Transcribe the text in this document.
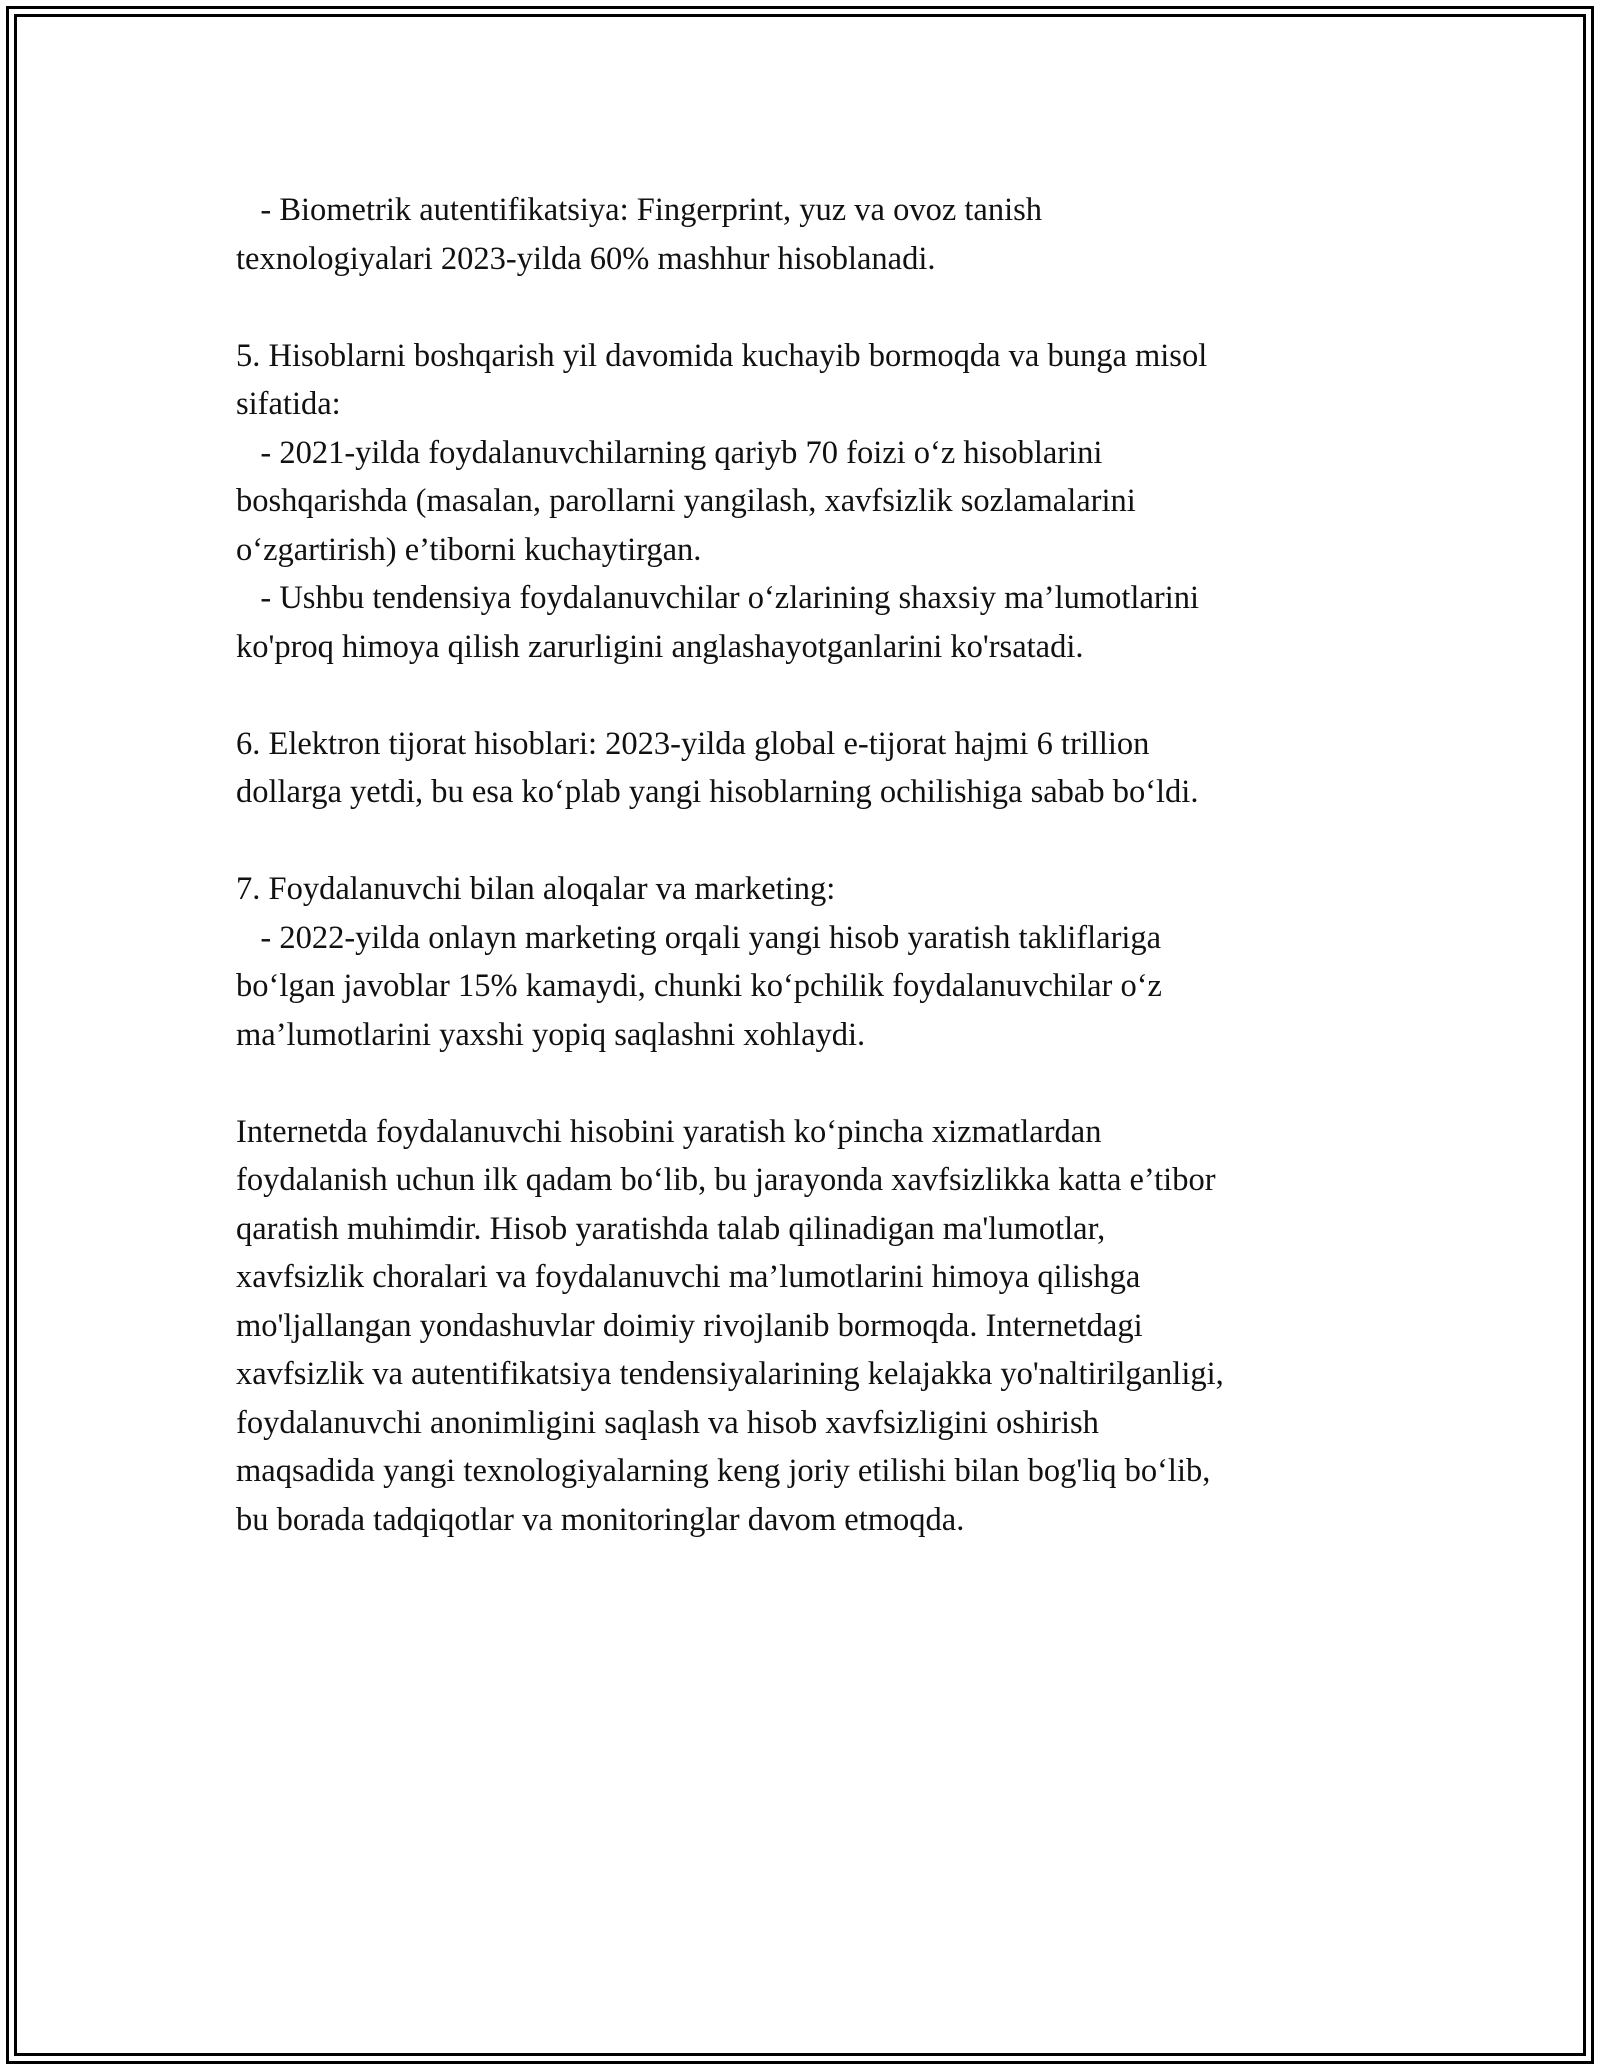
- Biometrik autentifikatsiya: Fingerprint, yuz va ovoz tanish
texnologiyalari 2023-yilda 60% mashhur hisoblanadi.
5. Hisoblarni boshqarish yil davomida kuchayib bormoqda va bunga misol
sifatida:
- 2021-yilda foydalanuvchilarning qariyb 70 foizi oʻz hisoblarini
boshqarishda (masalan, parollarni yangilash, xavfsizlik sozlamalarini
oʻzgartirish) e’tiborni kuchaytirgan.
- Ushbu tendensiya foydalanuvchilar oʻzlarining shaxsiy ma’lumotlarini
ko'proq himoya qilish zarurligini anglashayotganlarini ko'rsatadi.
6. Elektron tijorat hisoblari: 2023-yilda global e-tijorat hajmi 6 trillion
dollarga yetdi, bu esa koʻplab yangi hisoblarning ochilishiga sabab boʻldi.
7. Foydalanuvchi bilan aloqalar va marketing:
- 2022-yilda onlayn marketing orqali yangi hisob yaratish takliflariga
boʻlgan javoblar 15% kamaydi, chunki koʻpchilik foydalanuvchilar oʻz
ma’lumotlarini yaxshi yopiq saqlashni xohlaydi.
Internetda foydalanuvchi hisobini yaratish koʻpincha xizmatlardan
foydalanish uchun ilk qadam boʻlib, bu jarayonda xavfsizlikka katta e’tibor
qaratish muhimdir. Hisob yaratishda talab qilinadigan ma'lumotlar,
xavfsizlik choralari va foydalanuvchi ma’lumotlarini himoya qilishga
mo'ljallangan yondashuvlar doimiy rivojlanib bormoqda. Internetdagi
xavfsizlik va autentifikatsiya tendensiyalarining kelajakka yo'naltirilganligi,
foydalanuvchi anonimligini saqlash va hisob xavfsizligini oshirish
maqsadida yangi texnologiyalarning keng joriy etilishi bilan bog'liq boʻlib,
bu borada tadqiqotlar va monitoringlar davom etmoqda.
